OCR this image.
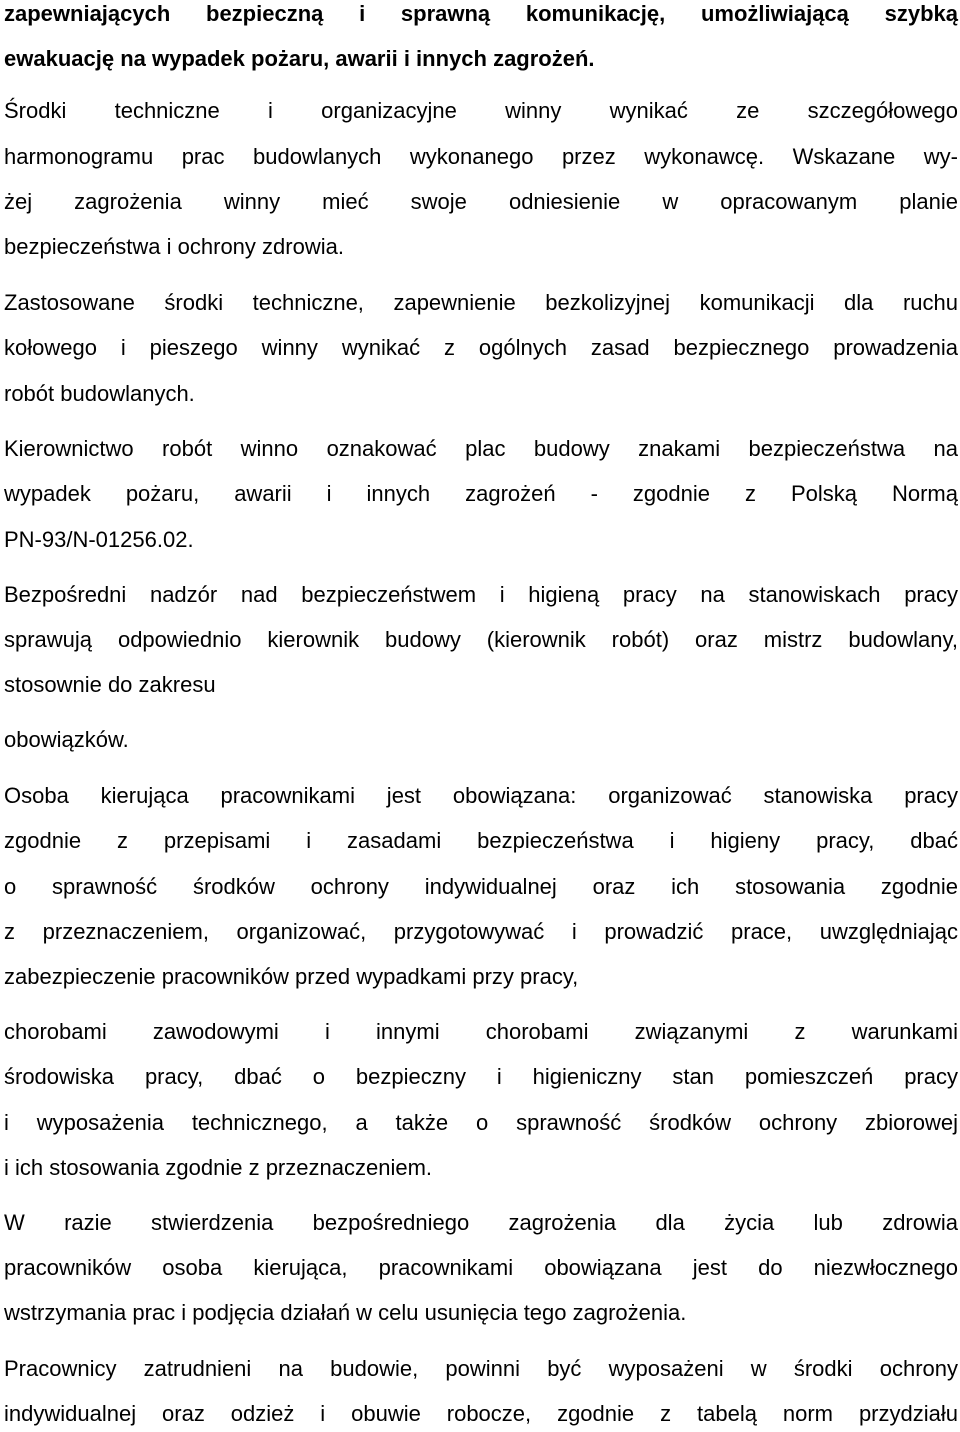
zapewniających bezpieczną i sprawną komunikację, umożliwiającą szybką
ewakuację na wypadek pożaru, awarii i innych zagrożeń.
Środki techniczne i organizacyjne winny wynikać ze szczegółowego
harmonogramu prac budowlanych wykonanego przez wykonawcę. Wskazane wy-
żej zagrożenia winny mieć swoje odniesienie w opracowanym planie
bezpieczeństwa i ochrony zdrowia.
Zastosowane środki techniczne, zapewnienie bezkolizyjnej komunikacji dla ruchu
kołowego i pieszego winny wynikać z ogólnych zasad bezpiecznego prowadzenia
robót budowlanych.
Kierownictwo robót winno oznakować plac budowy znakami bezpieczeństwa na
wypadek pożaru, awarii i innych zagrożeń - zgodnie z Polską Normą
PN-93/N-01256.02.
Bezpośredni nadzór nad bezpieczeństwem i higieną pracy na stanowiskach pracy
sprawują odpowiednio kierownik budowy (kierownik robót) oraz mistrz budowlany,
stosownie do zakresu
obowiązków.
Osoba kierująca pracownikami jest obowiązana: organizować stanowiska pracy
zgodnie z przepisami i zasadami bezpieczeństwa i higieny pracy, dbać
o sprawność środków ochrony indywidualnej oraz ich stosowania zgodnie
z przeznaczeniem, organizować, przygotowywać i prowadzić prace, uwzględniając
zabezpieczenie pracowników przed wypadkami przy pracy,
chorobami zawodowymi i innymi chorobami związanymi z warunkami
środowiska pracy, dbać o bezpieczny i higieniczny stan pomieszczeń pracy
i wyposażenia technicznego, a także o sprawność środków ochrony zbiorowej
i ich stosowania zgodnie z przeznaczeniem.
W razie stwierdzenia bezpośredniego zagrożenia dla życia lub zdrowia
pracowników osoba kierująca, pracownikami obowiązana jest do niezwłocznego
wstrzymania prac i podjęcia działań w celu usunięcia tego zagrożenia.
Pracownicy zatrudnieni na budowie, powinni być wyposażeni w środki ochrony
indywidualnej oraz odzież i obuwie robocze, zgodnie z tabelą norm przydziału
